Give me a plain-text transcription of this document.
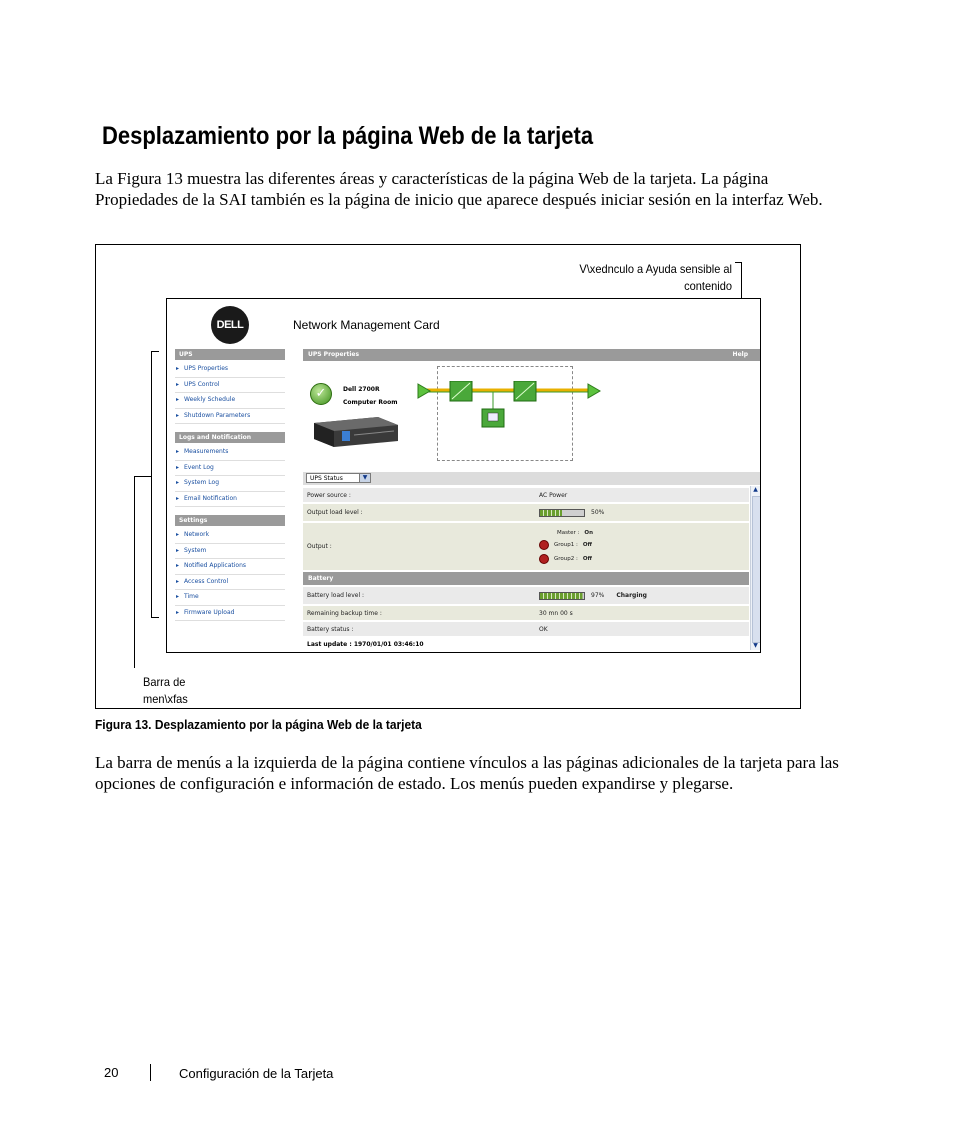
Desplazamiento por la página Web de la tarjeta
La Figura 13 muestra las diferentes áreas y características de la página Web de la tarjeta. La página Propiedades de la SAI también es la página de inicio que aparece después iniciar sesión en la interfaz Web.
V\xednculo a Ayuda sensible al
contenido
Barra de
men\xfas
DELL	Network Management Card
UPS
▸ UPS Properties
▸ UPS Control
▸ Weekly Schedule
▸ Shutdown Parameters
Logs and Notification
▸ Measurements
▸ Event Log
▸ System Log
▸ Email Notification
Settings
▸ Network
▸ System
▸ Notified Applications
▸ Access Control
▸ Time
▸ Firmware Upload
UPS Properties	Help
✓	Dell 2700R
Computer Room
UPS Status	▼
Power source :	AC Power
Output load level :	50%
Output :
Master : On
Group1 : Off
Group2 : Off
Battery
Battery load level :	97% Charging
Remaining backup time :	30 mn 00 s
Battery status :	OK
Last update : 1970/01/01 03:46:10
▲
▼
Figura 13. Desplazamiento por la página Web de la tarjeta
La barra de menús a la izquierda de la página contiene vínculos a las páginas adicionales de la tarjeta para las opciones de configuración e información de estado. Los menús pueden expandirse y plegarse.
20	Configuración de la Tarjeta
